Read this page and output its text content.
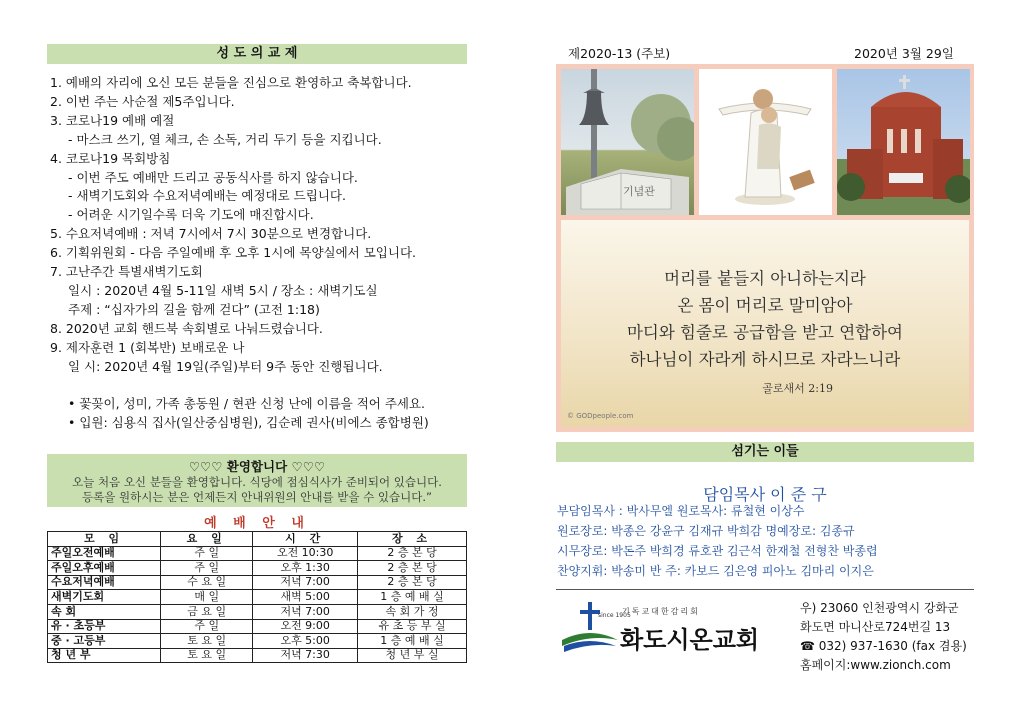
성 도 의 교 제
1. 예배의 자리에 오신 모든 분들을 진심으로 환영하고 축복합니다.
2. 이번 주는 사순절 제5주입니다.
3. 코로나19 예배 예절
- 마스크 쓰기, 열 체크, 손 소독, 거리 두기 등을 지킵니다.
4. 코로나19 목회방침
- 이번 주도 예배만 드리고 공동식사를 하지 않습니다.
- 새벽기도회와 수요저녁예배는 예정대로 드립니다.
- 어려운 시기일수록 더욱 기도에 매진합시다.
5. 수요저녁예배 : 저녁 7시에서 7시 30분으로 변경합니다.
6. 기획위원회 - 다음 주일예배 후 오후 1시에 목양실에서 모입니다.
7. 고난주간 특별새벽기도회
일시 : 2020년 4월 5-11일 새벽 5시 / 장소 : 새벽기도실
주제 : “십자가의 길을 함께 걷다” (고전 1:18)
8. 2020년 교회 핸드북 속회별로 나눠드렸습니다.
9. 제자훈련 1 (회복반) 보배로운 나
일 시: 2020년 4월 19일(주일)부터 9주 동안 진행됩니다.
• 꽃꽂이, 성미, 가족 총동원 / 현관 신청 난에 이름을 적어 주세요.
• 입원: 심용식 집사(일산중심병원), 김순례 권사(비에스 종합병원)
♡♡♡ 환영합니다 ♡♡♡
오늘 처음 오신 분들을 환영합니다. 식당에 점심식사가 준비되어 있습니다.
등록을 원하시는 분은 언제든지 안내위원의 안내를 받을 수 있습니다.”
예 배 안 내
모 임	요 일	시 간	장 소
주일오전예배	주 일	오전 10:30	2 층 본 당
주일오후예배	주 일	오후 1:30	2 층 본 당
수요저녁예배	수 요 일	저녁 7:00	2 층 본 당
새벽기도회	매 일	새벽 5:00	1 층 예 배 실
속 회	금 요 일	저녁 7:00	속 회 가 정
유 · 초등부	주 일	오전 9:00	유 초 등 부 실
중 · 고등부	토 요 일	오후 5:00	1 층 예 배 실
청 년 부	토 요 일	저녁 7:30	청 년 부 실
제2020-13 (주보)	2020년 3월 29일
기념관
머리를 붙들지 아니하는지라
온 몸이 머리로 말미암아
마디와 힘줄로 공급함을 받고 연합하여
하나님이 자라게 하시므로 자라느니라
골로새서 2:19
© GODpeople.com
섬기는 이들
담임목사 이 준 구
부담임목사 : 박사무엘 원로목사: 류철현 이상수
원로장로: 박종은 강윤구 김재규 박희감 명예장로: 김종규
시무장로: 박돈주 박희경 류호관 김근석 한재철 전형찬 박종렵
찬양지휘: 박송미 반 주: 카보드 김은영 피아노 김마리 이지은
since 1905
기독교대한감리회
화도시온교회
우) 23060 인천광역시 강화군
화도면 마니산로724번길 13
☎ 032) 937-1630 (fax 겸용)
홈페이지:www.zionch.com
